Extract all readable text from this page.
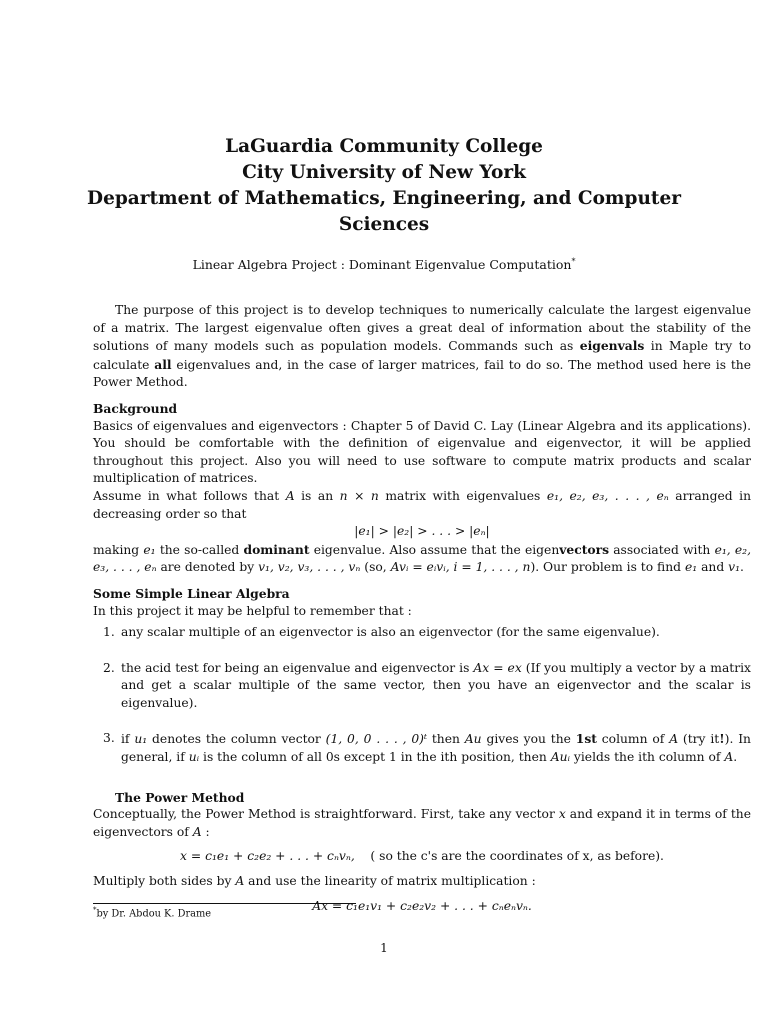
LaGuardia Community College
City University of New York
Department of Mathematics, Engineering, and Computer
Sciences
Linear Algebra Project : Dominant Eigenvalue Computation*

The purpose of this project is to develop techniques to numerically calculate the largest eigenvalue of a matrix. The largest eigenvalue often gives a great deal of information about the stability of the solutions of many models such as population models. Commands such as eigenvals in Maple try to calculate all eigenvalues and, in the case of larger matrices, fail to do so. The method used here is the Power Method.

Background

Basics of eigenvalues and eigenvectors : Chapter 5 of David C. Lay (Linear Algebra and its applications). You should be comfortable with the definition of eigenvalue and eigenvector, it will be applied throughout this project. Also you will need to use software to compute matrix products and scalar multiplication of matrices.

Assume in what follows that A is an n × n matrix with eigenvalues e₁, e₂, e₃, . . . , eₙ arranged in decreasing order so that

|e₁| > |e₂| > . . . > |eₙ|

making e₁ the so-called dominant eigenvalue. Also assume that the eigenvectors associated with e₁, e₂, e₃, . . . , eₙ are denoted by v₁, v₂, v₃, . . . , vₙ (so, Avᵢ = eᵢvᵢ, i = 1, . . . , n). Our problem is to find e₁ and v₁.

Some Simple Linear Algebra

In this project it may be helpful to remember that :

any scalar multiple of an eigenvector is also an eigenvector (for the same eigenvalue).
the acid test for being an eigenvalue and eigenvector is Ax = ex (If you multiply a vector by a matrix and get a scalar multiple of the same vector, then you have an eigenvector and the scalar is eigenvalue).
if u₁ denotes the column vector (1, 0, 0 . . . , 0)ᵗ then Au gives you the 1st column of A (try it!). In general, if uᵢ is the column of all 0s except 1 in the ith position, then Auᵢ yields the ith column of A.
The Power Method

Conceptually, the Power Method is straightforward. First, take any vector x and expand it in terms of the eigenvectors of A :

x = c₁e₁ + c₂e₂ + . . . + cₙvₙ, ( so the c's are the coordinates of x, as before).

Multiply both sides by A and use the linearity of matrix multiplication :

Ax = c₁e₁v₁ + c₂e₂v₂ + . . . + cₙeₙvₙ.

*by Dr. Abdou K. Drame
1
